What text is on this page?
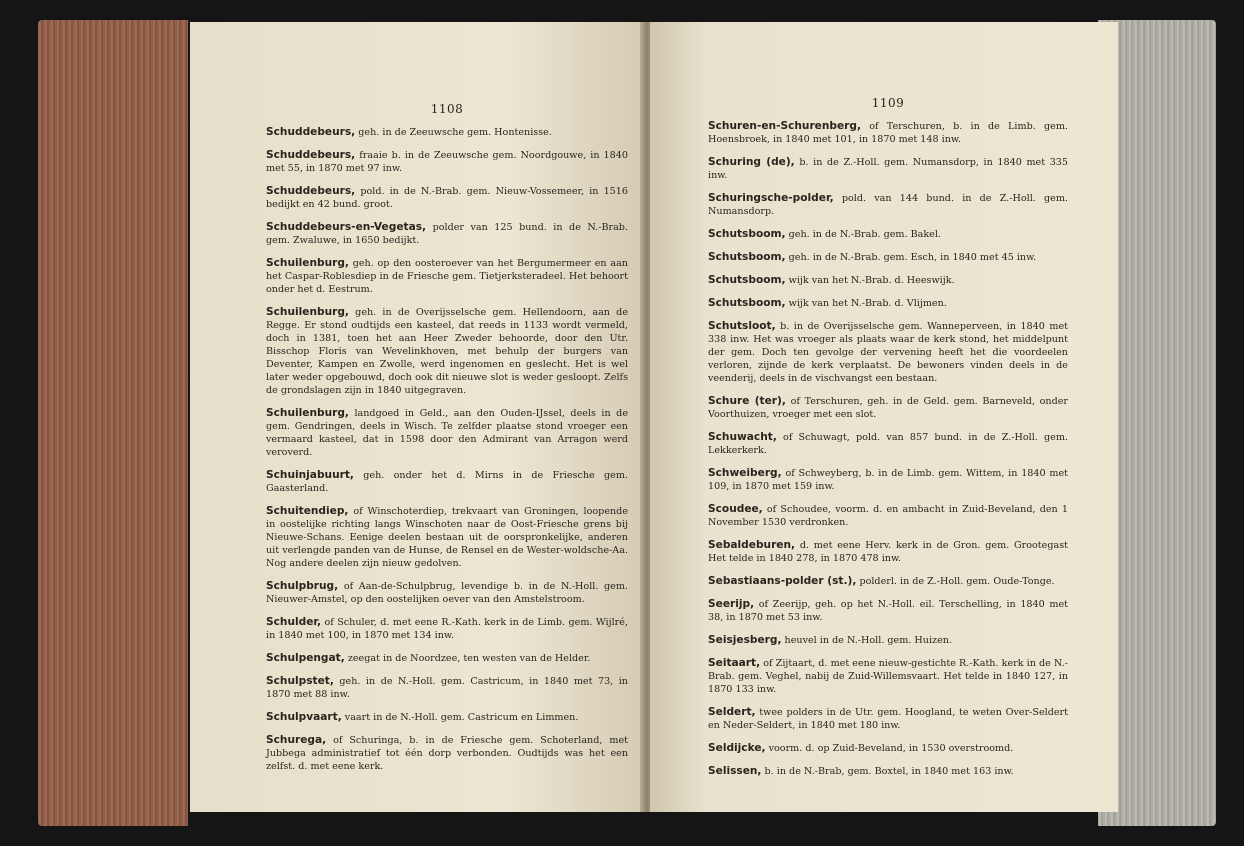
1108

Schuddebeurs, geh. in de Zeeuwsche gem. Hontenisse.

Schuddebeurs, fraaie b. in de Zeeuwsche gem. Noordgouwe, in 1840 met 55, in 1870 met 97 inw.

Schuddebeurs, pold. in de N.-Brab. gem. Nieuw-Vossemeer, in 1516 bedijkt en 42 bund. groot.

Schuddebeurs-en-Vegetas, polder van 125 bund. in de N.-Brab. gem. Zwaluwe, in 1650 bedijkt.

Schuilenburg, geh. op den oosteroever van het Bergumermeer en aan het Caspar-Roblesdiep in de Friesche gem. Tietjerksteradeel. Het behoort onder het d. Eestrum.

Schuilenburg, geh. in de Overijsselsche gem. Hellendoorn, aan de Regge. Er stond oudtijds een kasteel, dat reeds in 1133 wordt vermeld, doch in 1381, toen het aan Heer Zweder behoorde, door den Utr. Bisschop Floris van Wevelinkhoven, met behulp der burgers van Deventer, Kampen en Zwolle, werd ingenomen en geslecht. Het is wel later weder opgebouwd, doch ook dit nieuwe slot is weder gesloopt. Zelfs de grondslagen zijn in 1840 uitgegraven.

Schuilenburg, landgoed in Geld., aan den Ouden-IJssel, deels in de gem. Gendringen, deels in Wisch. Te zelfder plaatse stond vroeger een vermaard kasteel, dat in 1598 door den Admirant van Arragon werd veroverd.

Schuinjabuurt, geh. onder het d. Mirns in de Friesche gem. Gaasterland.

Schuitendiep, of Winschoterdiep, trekvaart van Groningen, loopende in oostelijke richting langs Winschoten naar de Oost-Friesche grens bij Nieuwe-Schans. Eenige deelen bestaan uit de oorspronkelijke, anderen uit verlengde panden van de Hunse, de Rensel en de Wester-woldsche-Aa. Nog andere deelen zijn nieuw gedolven.

Schulpbrug, of Aan-de-Schulpbrug, levendige b. in de N.-Holl. gem. Nieuwer-Amstel, op den oostelijken oever van den Amstelstroom.

Schulder, of Schuler, d. met eene R.-Kath. kerk in de Limb. gem. Wijlré, in 1840 met 100, in 1870 met 134 inw.

Schulpengat, zeegat in de Noordzee, ten westen van de Helder.

Schulpstet, geh. in de N.-Holl. gem. Castricum, in 1840 met 73, in 1870 met 88 inw.

Schulpvaart, vaart in de N.-Holl. gem. Castricum en Limmen.

Schurega, of Schuringa, b. in de Friesche gem. Schoterland, met Jubbega administratief tot één dorp verbonden. Oudtijds was het een zelfst. d. met eene kerk.

1109

Schuren-en-Schurenberg, of Terschuren, b. in de Limb. gem. Hoensbroek, in 1840 met 101, in 1870 met 148 inw.

Schuring (de), b. in de Z.-Holl. gem. Numansdorp, in 1840 met 335 inw.

Schuringsche-polder, pold. van 144 bund. in de Z.-Holl. gem. Numansdorp.

Schutsboom, geh. in de N.-Brab. gem. Bakel.

Schutsboom, geh. in de N.-Brab. gem. Esch, in 1840 met 45 inw.

Schutsboom, wijk van het N.-Brab. d. Heeswijk.

Schutsboom, wijk van het N.-Brab. d. Vlijmen.

Schutsloot, b. in de Overijsselsche gem. Wanneperveen, in 1840 met 338 inw. Het was vroeger als plaats waar de kerk stond, het middelpunt der gem. Doch ten gevolge der vervening heeft het die voordeelen verloren, zijnde de kerk verplaatst. De bewoners vinden deels in de veenderij, deels in de vischvangst een bestaan.

Schure (ter), of Terschuren, geh. in de Geld. gem. Barneveld, onder Voorthuizen, vroeger met een slot.

Schuwacht, of Schuwagt, pold. van 857 bund. in de Z.-Holl. gem. Lekkerkerk.

Schweiberg, of Schweyberg, b. in de Limb. gem. Wittem, in 1840 met 109, in 1870 met 159 inw.

Scoudee, of Schoudee, voorm. d. en ambacht in Zuid-Beveland, den 1 November 1530 verdronken.

Sebaldeburen, d. met eene Herv. kerk in de Gron. gem. Grootegast Het telde in 1840 278, in 1870 478 inw.

Sebastiaans-polder (st.), polderl. in de Z.-Holl. gem. Oude-Tonge.

Seerijp, of Zeerijp, geh. op het N.-Holl. eil. Terschelling, in 1840 met 38, in 1870 met 53 inw.

Seisjesberg, heuvel in de N.-Holl. gem. Huizen.

Seitaart, of Zijtaart, d. met eene nieuw-gestichte R.-Kath. kerk in de N.-Brab. gem. Veghel, nabij de Zuid-Willemsvaart. Het telde in 1840 127, in 1870 133 inw.

Seldert, twee polders in de Utr. gem. Hoogland, te weten Over-Seldert en Neder-Seldert, in 1840 met 180 inw.

Seldijcke, voorm. d. op Zuid-Beveland, in 1530 overstroomd.

Selissen, b. in de N.-Brab, gem. Boxtel, in 1840 met 163 inw.
